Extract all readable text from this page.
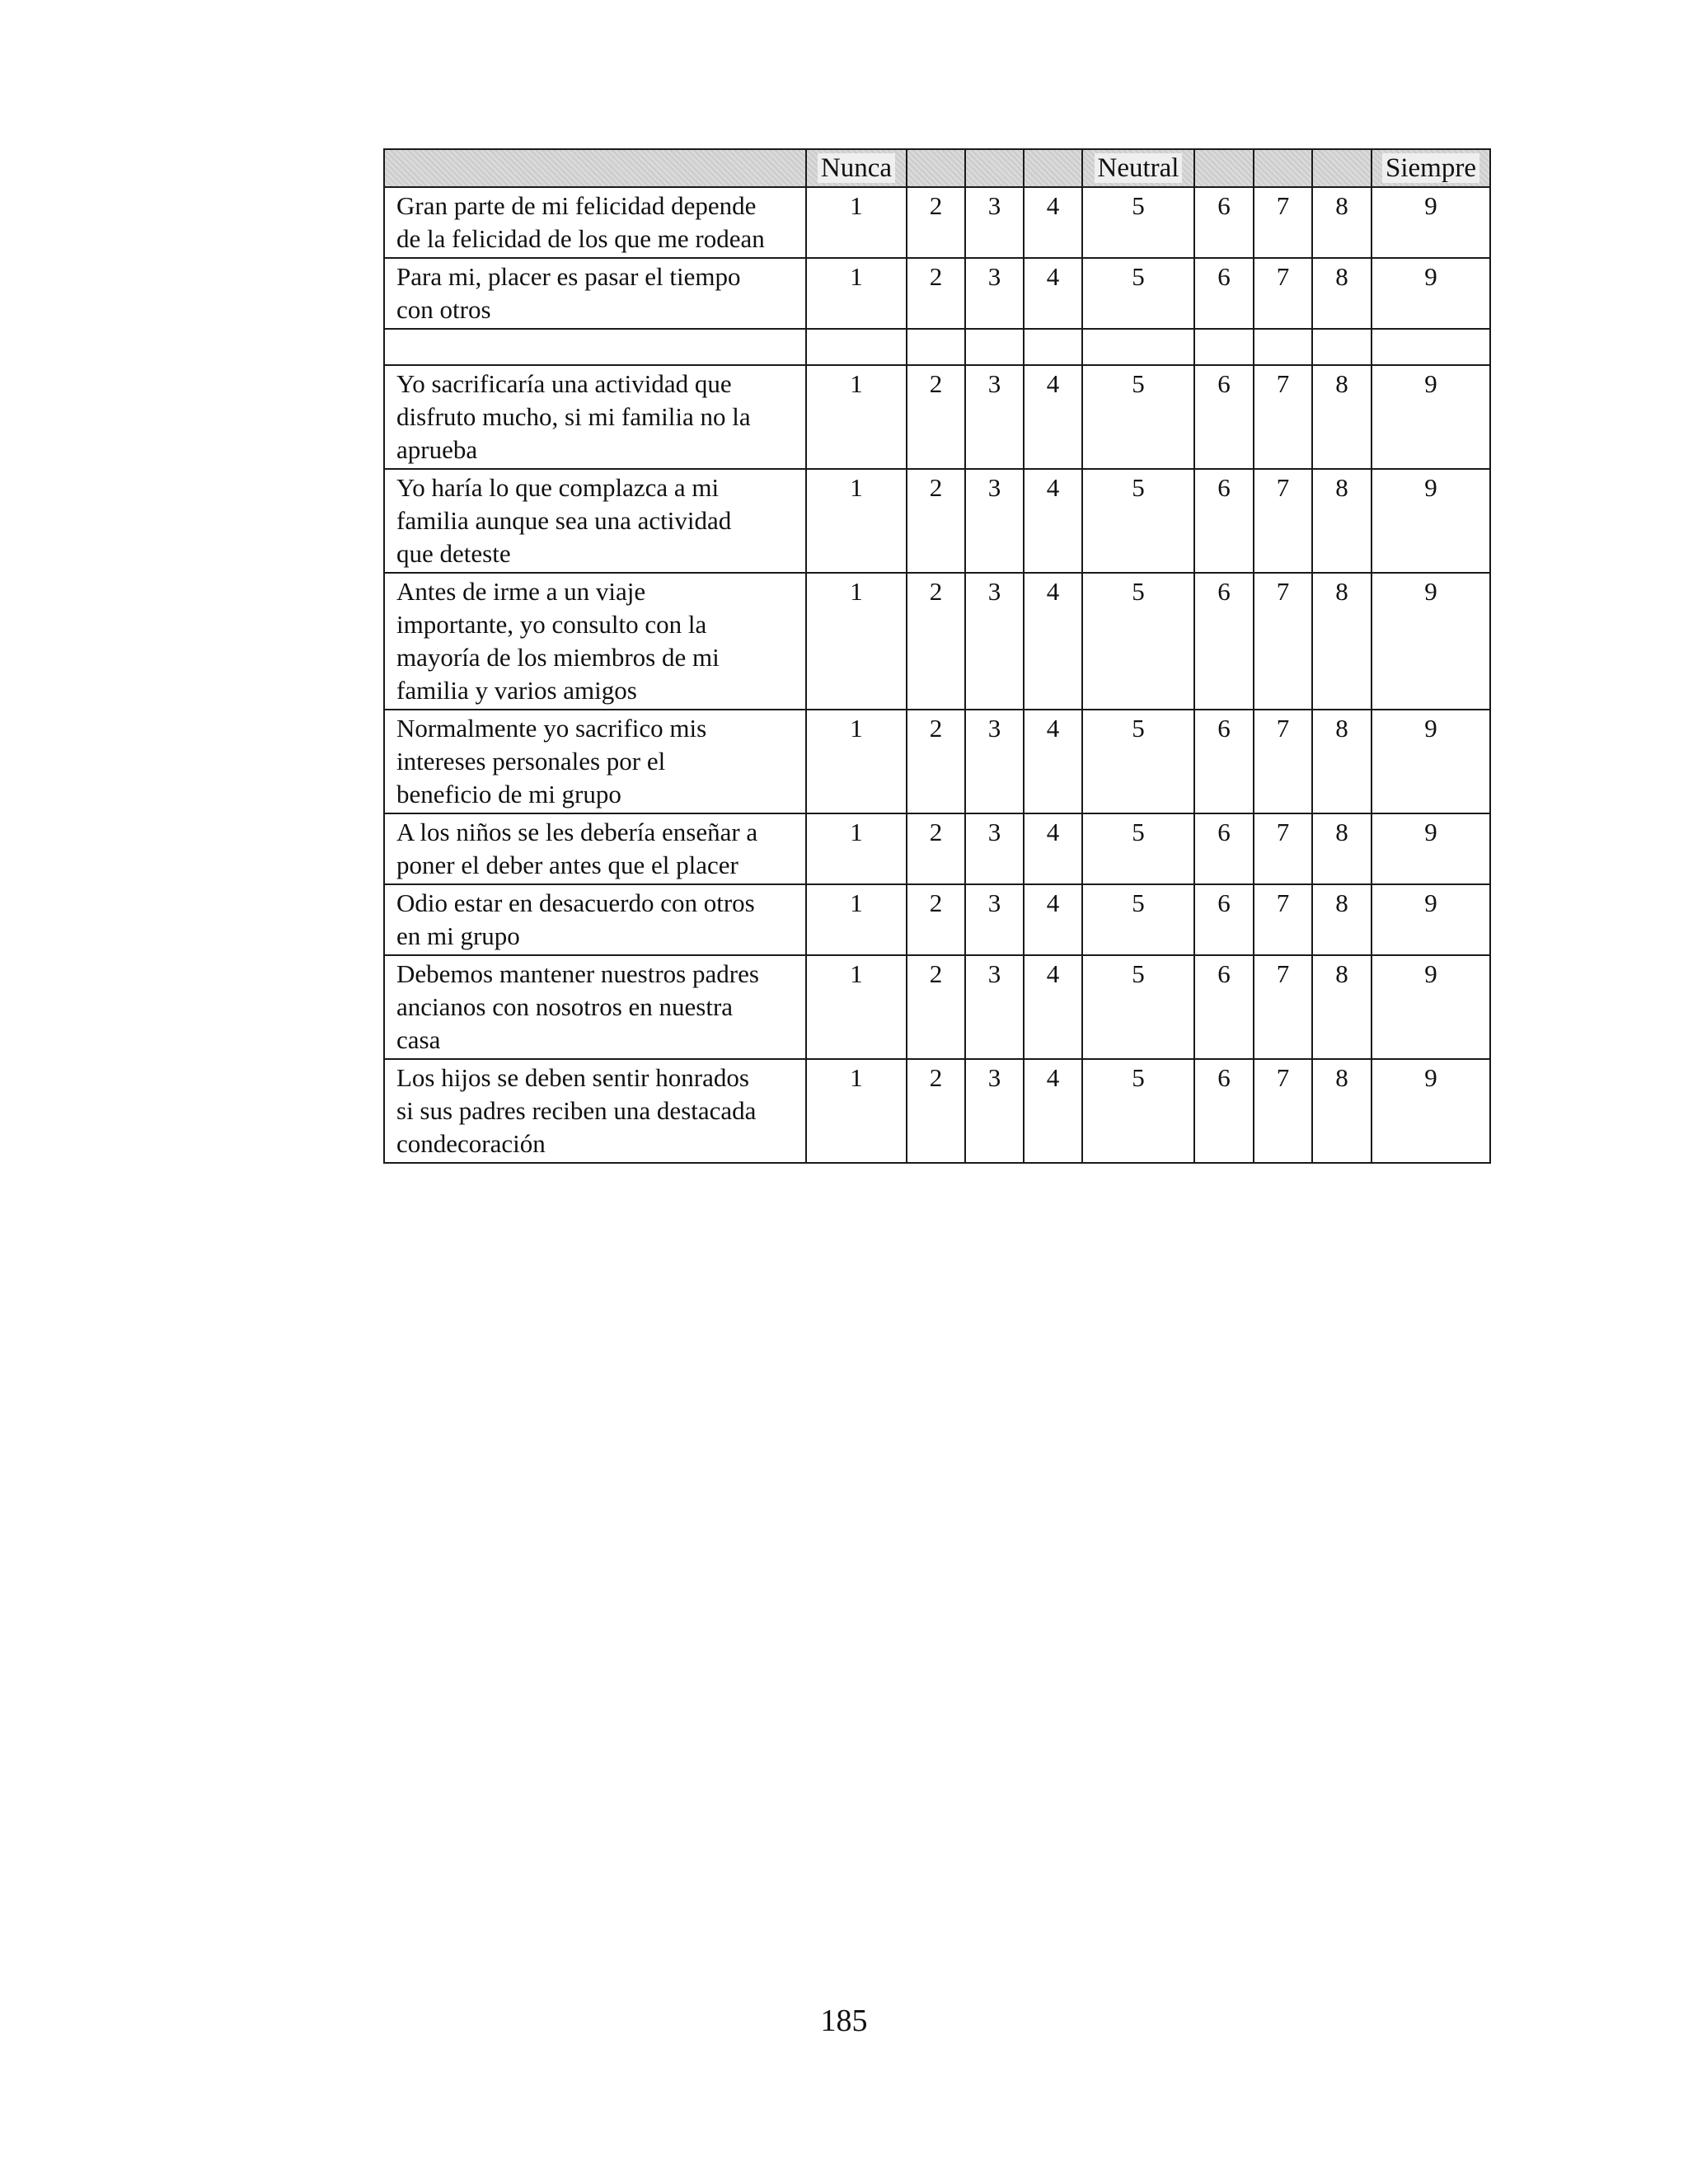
	Nunca				Neutral				Siempre

Gran parte de mi felicidad depende
de la felicidad de los que me rodean	1	2	3	4	5	6	7	8	9

Para mi, placer es pasar el tiempo
con otros	1	2	3	4	5	6	7	8	9

Yo sacrificaría una actividad que
disfruto mucho, si mi familia no la
aprueba	1	2	3	4	5	6	7	8	9

Yo haría lo que complazca a mi
familia aunque sea una actividad
que deteste	1	2	3	4	5	6	7	8	9

Antes de irme a un viaje
importante, yo consulto con la
mayoría de los miembros de mi
familia y varios amigos	1	2	3	4	5	6	7	8	9

Normalmente yo sacrifico mis
intereses personales por el
beneficio de mi grupo	1	2	3	4	5	6	7	8	9

A los niños se les debería enseñar a
poner el deber antes que el placer	1	2	3	4	5	6	7	8	9

Odio estar en desacuerdo con otros
en mi grupo	1	2	3	4	5	6	7	8	9

Debemos mantener nuestros padres
ancianos con nosotros en nuestra
casa	1	2	3	4	5	6	7	8	9

Los hijos se deben sentir honrados
si sus padres reciben una destacada
condecoración	1	2	3	4	5	6	7	8	9
185
